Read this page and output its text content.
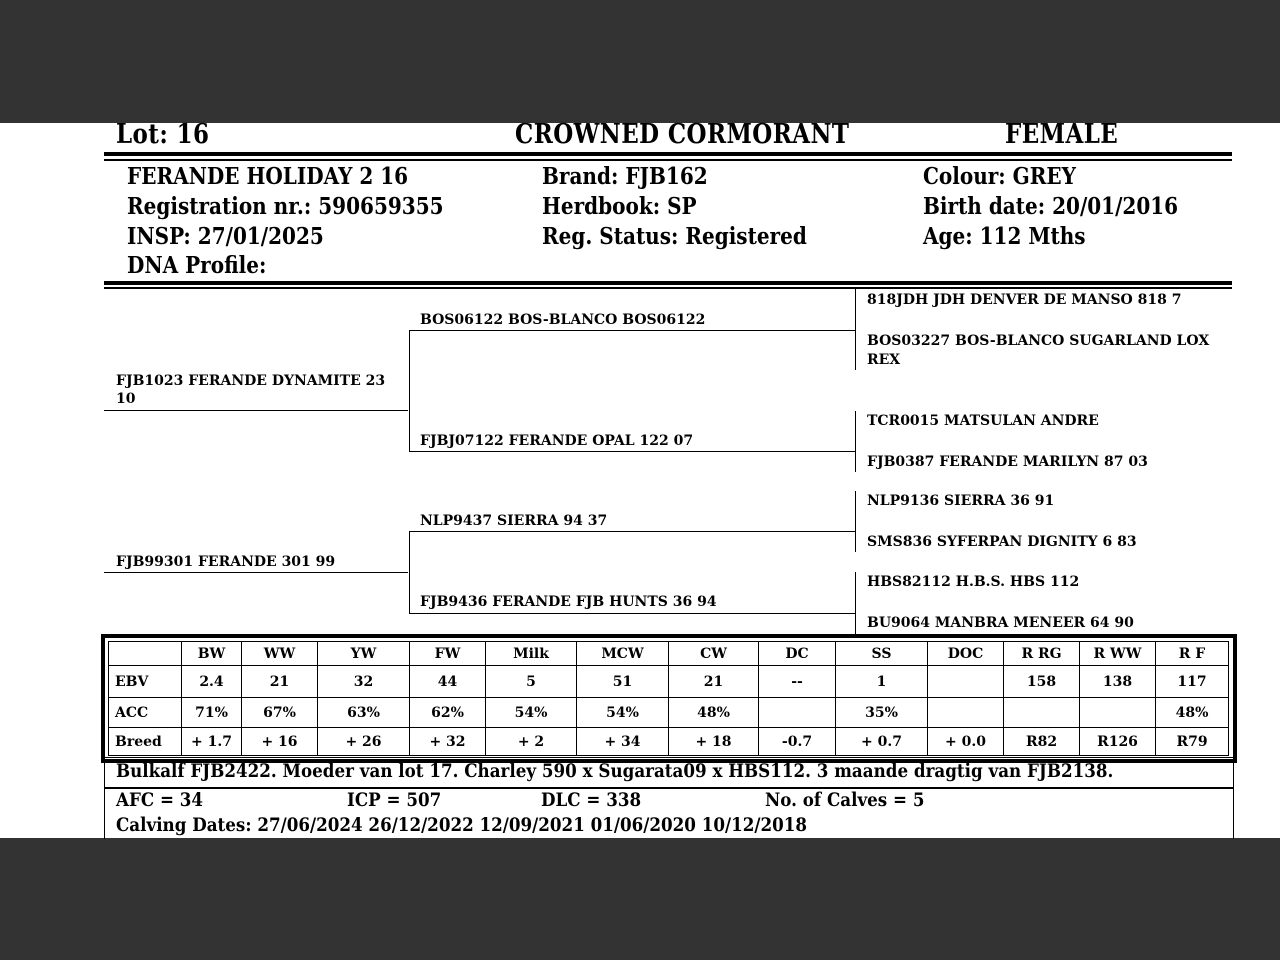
Lot: 16	CROWNED CORMORANT	FEMALE
FERANDE HOLIDAY 2 16
Registration nr.: 590659355
INSP: 27/01/2025
DNA Profile:
Brand: FJB162
Herdbook: SP
Reg. Status: Registered
Colour: GREY
Birth date: 20/01/2016
Age: 112 Mths
FJB1023 FERANDE DYNAMITE 23
10
FJB99301 FERANDE 301 99
BOS06122 BOS-BLANCO BOS06122
FJBJ07122 FERANDE OPAL 122 07
NLP9437 SIERRA 94 37
FJB9436 FERANDE FJB HUNTS 36 94
818JDH JDH DENVER DE MANSO 818 7
BOS03227 BOS-BLANCO SUGARLAND LOX
REX
TCR0015 MATSULAN ANDRE
FJB0387 FERANDE MARILYN 87 03
NLP9136 SIERRA 36 91
SMS836 SYFERPAN DIGNITY 6 83
HBS82112 H.B.S. HBS 112
BU9064 MANBRA MENEER 64 90
	BW	WW	YW	FW	Milk	MCW	CW	DC	SS	DOC	R RG	R WW	R F
EBV	2.4	21	32	44	5	51	21	--	1		158	138	117
ACC	71%	67%	63%	62%	54%	54%	48%		35%				48%
Breed	+ 1.7	+ 16	+ 26	+ 32	+ 2	+ 34	+ 18	-0.7	+ 0.7	+ 0.0	R82	R126	R79
Bulkalf FJB2422. Moeder van lot 17. Charley 590 x Sugarata09 x HBS112. 3 maande dragtig van FJB2138.
AFC = 34	ICP = 507	DLC = 338	No. of Calves = 5
Calving Dates: 27/06/2024 26/12/2022 12/09/2021 01/06/2020 10/12/2018
